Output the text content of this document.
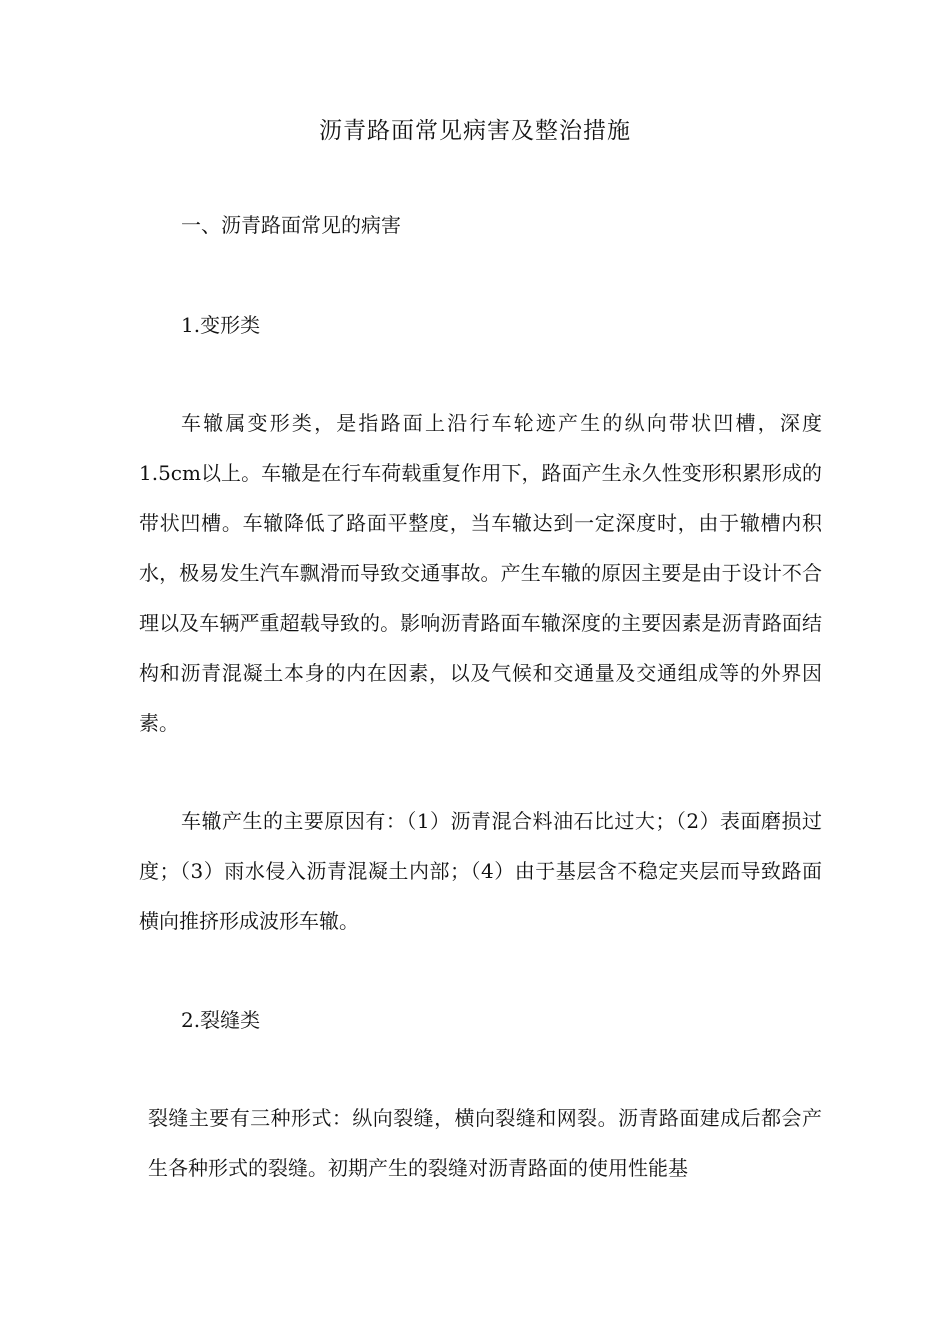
沥青路面常见病害及整治措施
一、沥青路面常见的病害
1.变形类

车辙属变形类，是指路面上沿行车轮迹产生的纵向带状凹槽，深度1.5cm以上。车辙是在行车荷载重复作用下，路面产生永久性变形积累形成的带状凹槽。车辙降低了路面平整度，当车辙达到一定深度时，由于辙槽内积水，极易发生汽车飘滑而导致交通事故。产生车辙的原因主要是由于设计不合理以及车辆严重超载导致的。影响沥青路面车辙深度的主要因素是沥青路面结构和沥青混凝土本身的内在因素，以及气候和交通量及交通组成等的外界因素。

车辙产生的主要原因有：（1）沥青混合料油石比过大；（2）表面磨损过度；（3）雨水侵入沥青混凝土内部；（4）由于基层含不稳定夹层而导致路面横向推挤形成波形车辙。

2.裂缝类

裂缝主要有三种形式：纵向裂缝，横向裂缝和网裂。沥青路面建成后都会产生各种形式的裂缝。初期产生的裂缝对沥青路面的使用性能基
